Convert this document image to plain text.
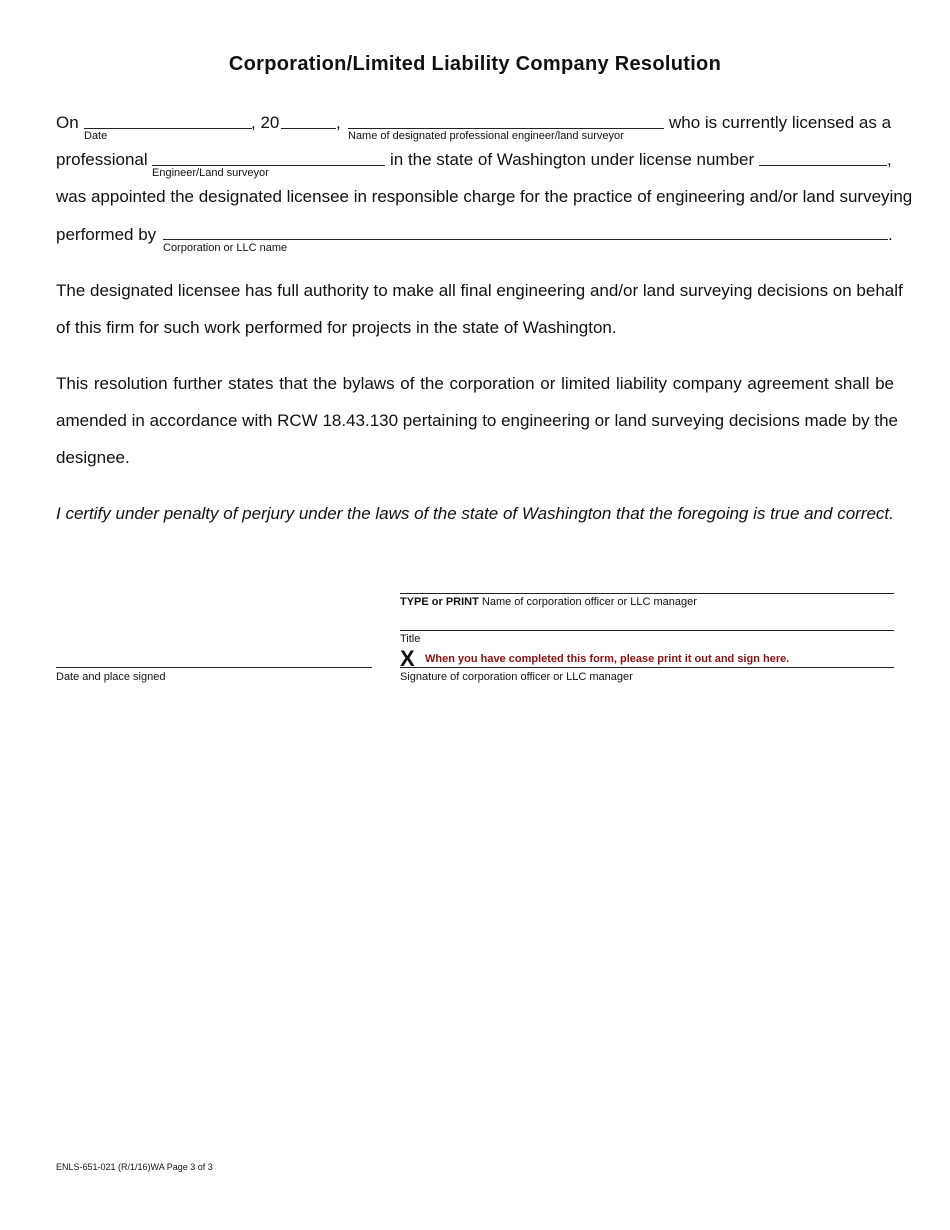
Corporation/Limited Liability Company Resolution
On	, 20	,	who is currently licensed as a
Date	Name of designated professional engineer/land surveyor
professional	in the state of Washington under license number	,
Engineer/Land surveyor
was appointed the designated licensee in responsible charge for the practice of engineering and/or land surveying
performed by	.
Corporation or LLC name
The designated licensee has full authority to make all final engineering and/or land surveying decisions on behalf
of this firm for such work performed for projects in the state of Washington.
This resolution further states that the bylaws of the corporation or limited liability company agreement shall be
amended in accordance with RCW 18.43.130 pertaining to engineering or land surveying decisions made by the
designee.
I certify under penalty of perjury under the laws of the state of Washington that the foregoing is true and correct.
TYPE or PRINT Name of corporation officer or LLC manager
Title
X When you have completed this form, please print it out and sign here.
Date and place signed	Signature of corporation officer or LLC manager
ENLS-651-021 (R/1/16)WA Page 3 of 3
